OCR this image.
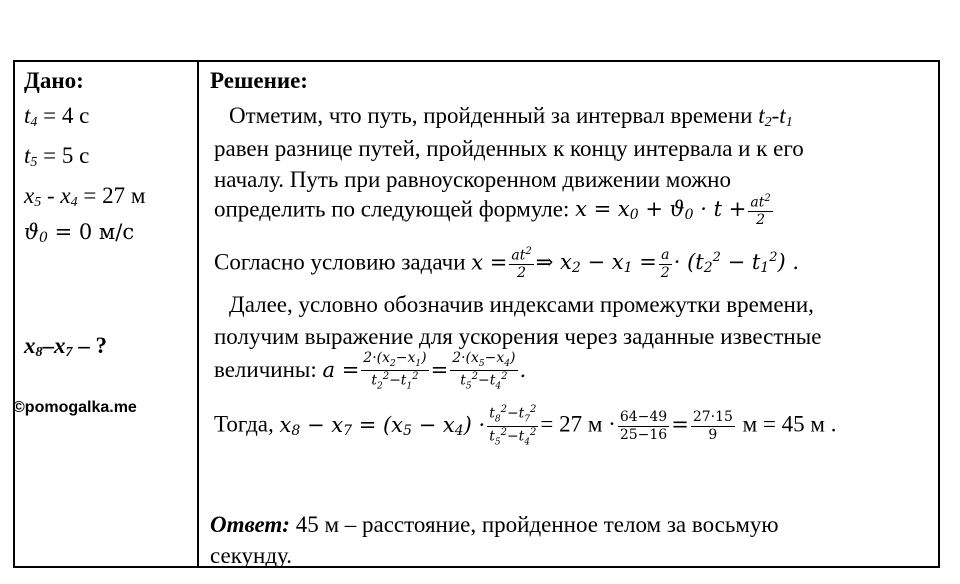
Дано:
$t_4 = 4$ с
$t_5 = 5$ с
$x_5 - x_4 = 27$ м
$ϑ_0 = 0$ м/с
$x_8-x_7$ – ?
©pomogalka.me
Решение:
Отметим, что путь, пройденный за интервал времени $t_2-t_1$
равен разнице путей, пройденных к концу интервала и к его
началу. Путь при равноускоренном движении можно
определить по следующей формуле: $x = x_0 + ϑ_0 \cdot t + \frac{at^2}{2}$
Согласно условию задачи $x = \frac{at^2}{2}$ ⇒ $x_2 - x_1 = \frac{a}{2} \cdot (t_2^2 - t_1^2)$ .
Далее, условно обозначив индексами промежутки времени,
получим выражение для ускорения через заданные известные
величины: $a = \frac{2\cdot(x_2-x_1)}{t_2^2-t_1^2} = \frac{2\cdot(x_5-x_4)}{t_5^2-t_4^2}$ .
Тогда, $x_8 - x_7 = (x_5 - x_4) \cdot \frac{t_8^2-t_7^2}{t_5^2-t_4^2} = 27$ $м \cdot \frac{64-49}{25-16} = \frac{27\cdot 15}{9}$ м = 45 м .
Ответ: 45 м – расстояние, пройденное телом за восьмую
секунду.
